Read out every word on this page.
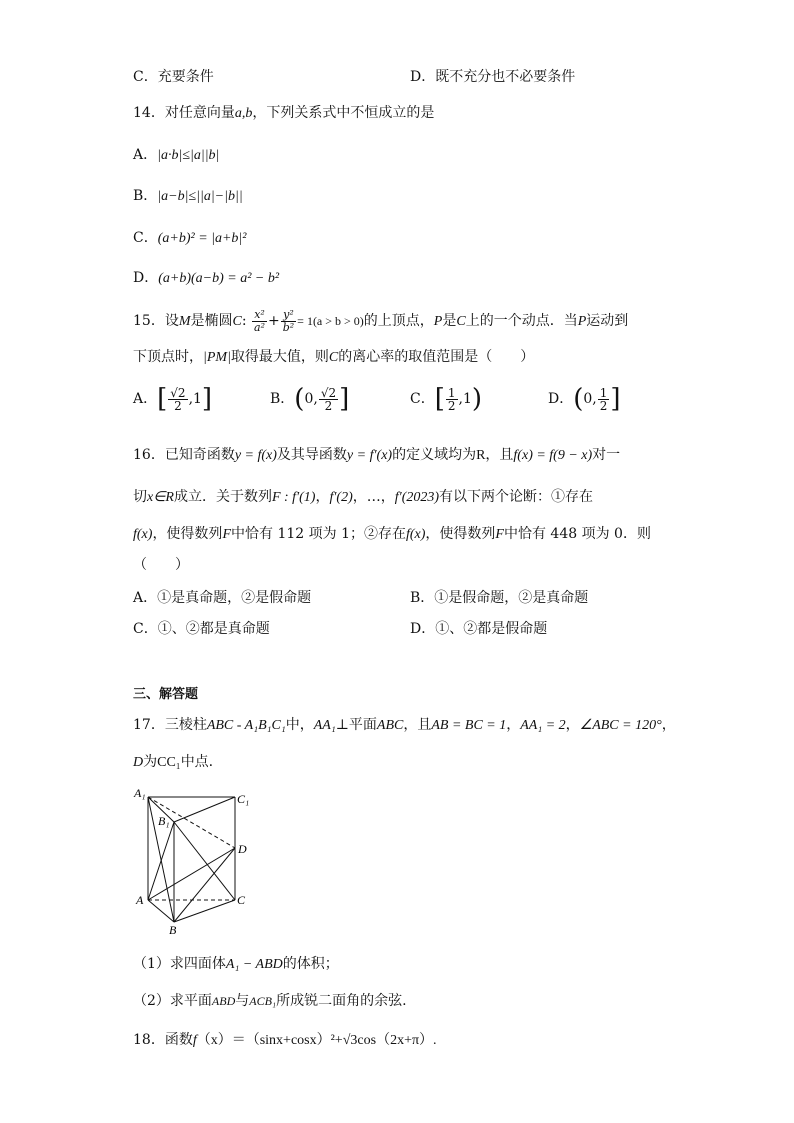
C．充要条件	D．既不充分也不必要条件
14．对任意向量a,b，下列关系式中不恒成立的是
A．|a·b|≤|a||b|
B．|a−b|≤||a|−|b||
C．(a+b)² = |a+b|²
D．(a+b)(a−b) = a² − b²
15．设M是椭圆C: $\frac{\text{x²}}{\text{a²}} + \frac{\text{y²}}{\text{b²}} = 1(a > b > 0)$的上顶点，P是C上的一个动点．当P运动到
下顶点时，|PM|取得最大值，则C的离心率的取值范围是（　　）
A．[ $\frac{√2}{2} ,1$]	B．(0, $\frac{√2}{2}$ ]	C．[ $\frac{1}{2} ,1$)	D．(0, $\frac{1}{2}$ ]
16．已知奇函数y = f(x)及其导函数y = f′(x)的定义域均为R，且f(x) = f(9 − x)对一
切x∈R成立．关于数列F : f′(1)，f′(2)，…，f′(2023)有以下两个论断：①存在
f(x)，使得数列F中恰有 112 项为 1；②存在f(x)，使得数列F中恰有 448 项为 0．则
（　　）
A．①是真命题，②是假命题	B．①是假命题，②是真命题
C．①、②都是真命题	D．①、②都是假命题
三、解答题
17．三棱柱ABC - A₁B₁C₁中，AA₁⊥平面ABC，且AB = BC = 1，AA₁ = 2，∠ABC = 120°，
D为CC₁中点.
A₁	C₁
B₁
D
A	C
B
（1）求四面体A₁ − ABD的体积；
（2）求平面ABD与ACB₁所成锐二面角的余弦.
18．函数f（x）＝（sinx+cosx）²+√3cos（2x+π）.
